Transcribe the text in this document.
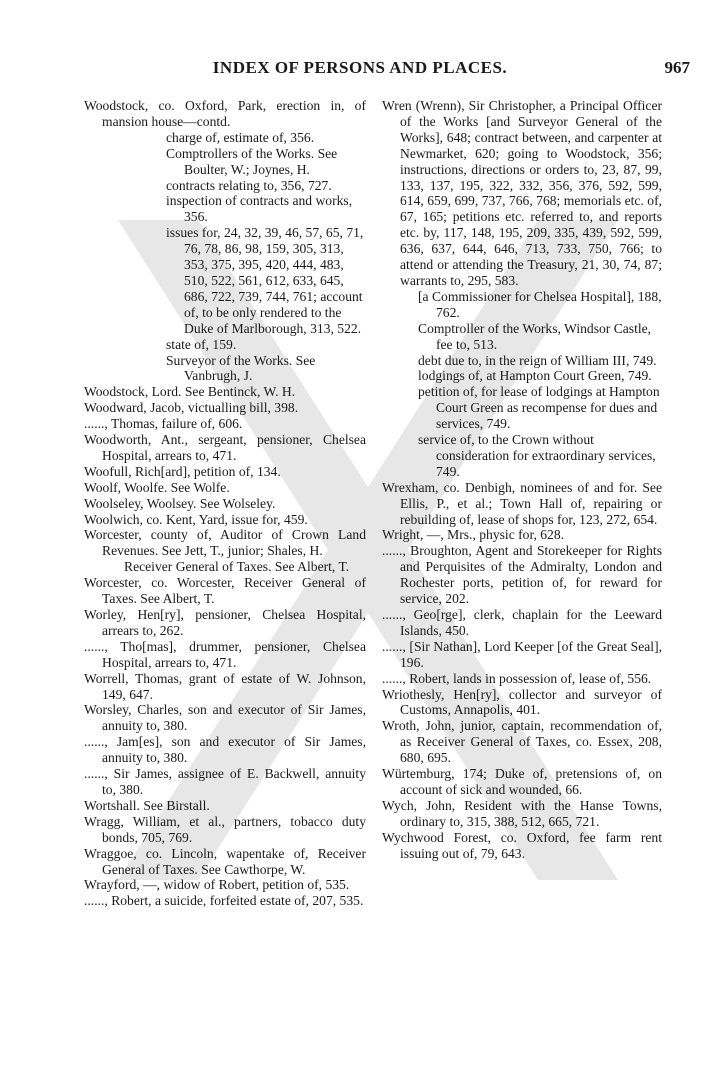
INDEX OF PERSONS AND PLACES.	967
Woodstock, co. Oxford, Park, erection in, of mansion house—contd.
charge of, estimate of, 356.
Comptrollers of the Works. See Boulter, W.; Joynes, H.
contracts relating to, 356, 727.
inspection of contracts and works, 356.
issues for, 24, 32, 39, 46, 57, 65, 71, 76, 78, 86, 98, 159, 305, 313, 353, 375, 395, 420, 444, 483, 510, 522, 561, 612, 633, 645, 686, 722, 739, 744, 761; account of, to be only rendered to the Duke of Marlborough, 313, 522.
state of, 159.
Surveyor of the Works. See Vanbrugh, J.
Woodstock, Lord. See Bentinck, W. H.
Woodward, Jacob, victualling bill, 398.
......, Thomas, failure of, 606.
Woodworth, Ant., sergeant, pensioner, Chelsea Hospital, arrears to, 471.
Woofull, Rich[ard], petition of, 134.
Woolf, Woolfe. See Wolfe.
Woolseley, Woolsey. See Wolseley.
Woolwich, co. Kent, Yard, issue for, 459.
Worcester, county of, Auditor of Crown Land Revenues. See Jett, T., junior; Shales, H.
Receiver General of Taxes. See Albert, T.
Worcester, co. Worcester, Receiver General of Taxes. See Albert, T.
Worley, Hen[ry], pensioner, Chelsea Hospital, arrears to, 262.
......, Tho[mas], drummer, pensioner, Chelsea Hospital, arrears to, 471.
Worrell, Thomas, grant of estate of W. Johnson, 149, 647.
Worsley, Charles, son and executor of Sir James, annuity to, 380.
......, Jam[es], son and executor of Sir James, annuity to, 380.
......, Sir James, assignee of E. Backwell, annuity to, 380.
Wortshall. See Birstall.
Wragg, William, et al., partners, tobacco duty bonds, 705, 769.
Wraggoe, co. Lincoln, wapentake of, Receiver General of Taxes. See Cawthorpe, W.
Wrayford, —, widow of Robert, petition of, 535.
......, Robert, a suicide, forfeited estate of, 207, 535.
Wren (Wrenn), Sir Christopher, a Principal Officer of the Works [and Surveyor General of the Works], 648; contract between, and carpenter at Newmarket, 620; going to Woodstock, 356; instructions, directions or orders to, 23, 87, 99, 133, 137, 195, 322, 332, 356, 376, 592, 599, 614, 659, 699, 737, 766, 768; memorials etc. of, 67, 165; petitions etc. referred to, and reports etc. by, 117, 148, 195, 209, 335, 439, 592, 599, 636, 637, 644, 646, 713, 733, 750, 766; to attend or attending the Treasury, 21, 30, 74, 87; warrants to, 295, 583.
[a Commissioner for Chelsea Hospital], 188, 762.
Comptroller of the Works, Windsor Castle, fee to, 513.
debt due to, in the reign of William III, 749.
lodgings of, at Hampton Court Green, 749.
petition of, for lease of lodgings at Hampton Court Green as recompense for dues and services, 749.
service of, to the Crown without consideration for extraordinary services, 749.
Wrexham, co. Denbigh, nominees of and for. See Ellis, P., et al.; Town Hall of, repairing or rebuilding of, lease of shops for, 123, 272, 654.
Wright, —, Mrs., physic for, 628.
......, Broughton, Agent and Storekeeper for Rights and Perquisites of the Admiralty, London and Rochester ports, petition of, for reward for service, 202.
......, Geo[rge], clerk, chaplain for the Leeward Islands, 450.
......, [Sir Nathan], Lord Keeper [of the Great Seal], 196.
......, Robert, lands in possession of, lease of, 556.
Wriothesly, Hen[ry], collector and surveyor of Customs, Annapolis, 401.
Wroth, John, junior, captain, recommendation of, as Receiver General of Taxes, co. Essex, 208, 680, 695.
Würtemburg, 174; Duke of, pretensions of, on account of sick and wounded, 66.
Wych, John, Resident with the Hanse Towns, ordinary to, 315, 388, 512, 665, 721.
Wychwood Forest, co. Oxford, fee farm rent issuing out of, 79, 643.
